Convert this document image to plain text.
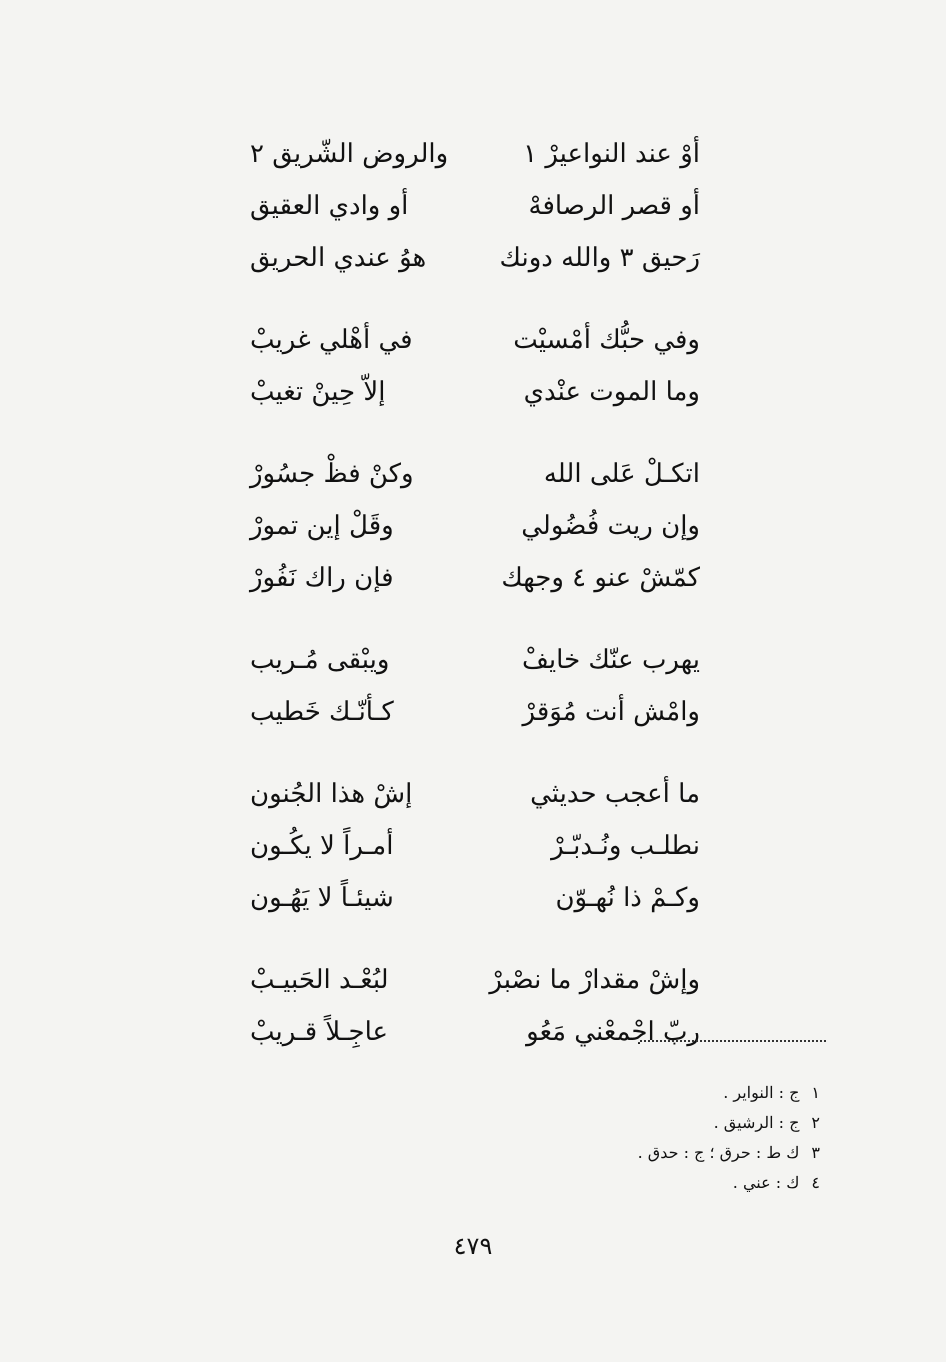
أوْ عند النواعيرْ ١
والروض الشّريق ٢
أو قصر الرصافهْ
أو وادي العقيق
رَحيق ٣ والله دونك
هوُ عندي الحريق
وفي حبُّك أمْسيْت
في أهْلي غريبْ
وما الموت عنْدي
إلاّ حِينْ تغيبْ
اتكـلْ عَلى الله
وكنْ فظْ جسُورْ
وإن ريت فُضُولي
وقَلْ إين تمورْ
كمّشْ عنو ٤ وجهك
فإن راك نَفُورْ
يهرب عنّك خايفْ
ويبْقى مُـريب
وامْش أنت مُوَقرْ
كـأنّـك خَطيب
ما أعجب حديثي
إشْ هذا الجُنون
نطلـب ونُـدبّـرْ
أمـراً لا يكُـون
وكـمْ ذا نُهـوّن
شيئـاً لا يَهُـون
وإشْ مقدارْ ما نصْبرْ
لبُعْـد الحَبيـبْ
ربّ اجْمعْني مَعُو
عاجِـلاً قـريبْ
١ج : النواير .
٢ج : الرشيق .
٣ك ط : حرق ؛ ج : حدق .
٤ك : عني .
٤٧٩
